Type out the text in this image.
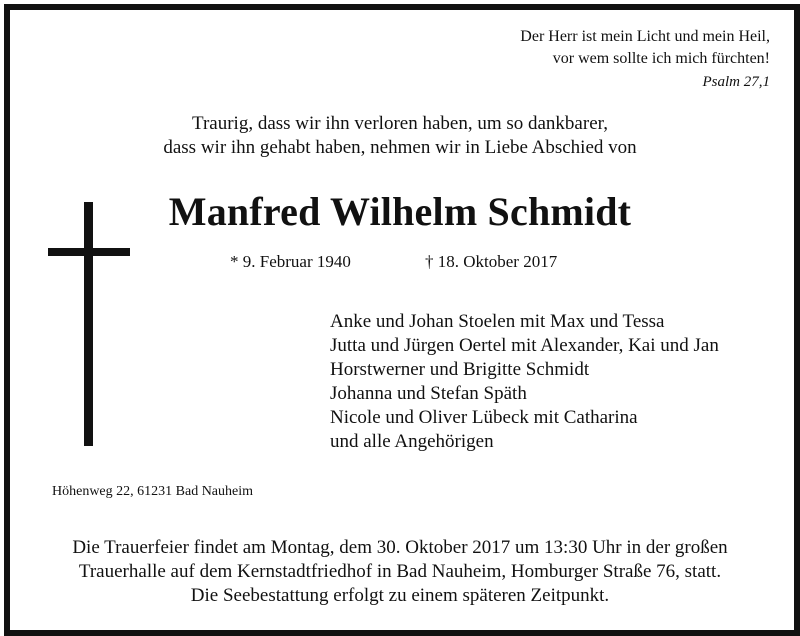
Der Herr ist mein Licht und mein Heil,
vor wem sollte ich mich fürchten!
Psalm 27,1
Traurig, dass wir ihn verloren haben, um so dankbarer,
dass wir ihn gehabt haben, nehmen wir in Liebe Abschied von
Manfred Wilhelm Schmidt
* 9. Februar 1940	† 18. Oktober 2017
Anke und Johan Stoelen mit Max und Tessa
Jutta und Jürgen Oertel mit Alexander, Kai und Jan
Horstwerner und Brigitte Schmidt
Johanna und Stefan Späth
Nicole und Oliver Lübeck mit Catharina
und alle Angehörigen
Höhenweg 22, 61231 Bad Nauheim
Die Trauerfeier findet am Montag, dem 30. Oktober 2017 um 13:30 Uhr in der großen
Trauerhalle auf dem Kernstadtfriedhof in Bad Nauheim, Homburger Straße 76, statt.
Die Seebestattung erfolgt zu einem späteren Zeitpunkt.
